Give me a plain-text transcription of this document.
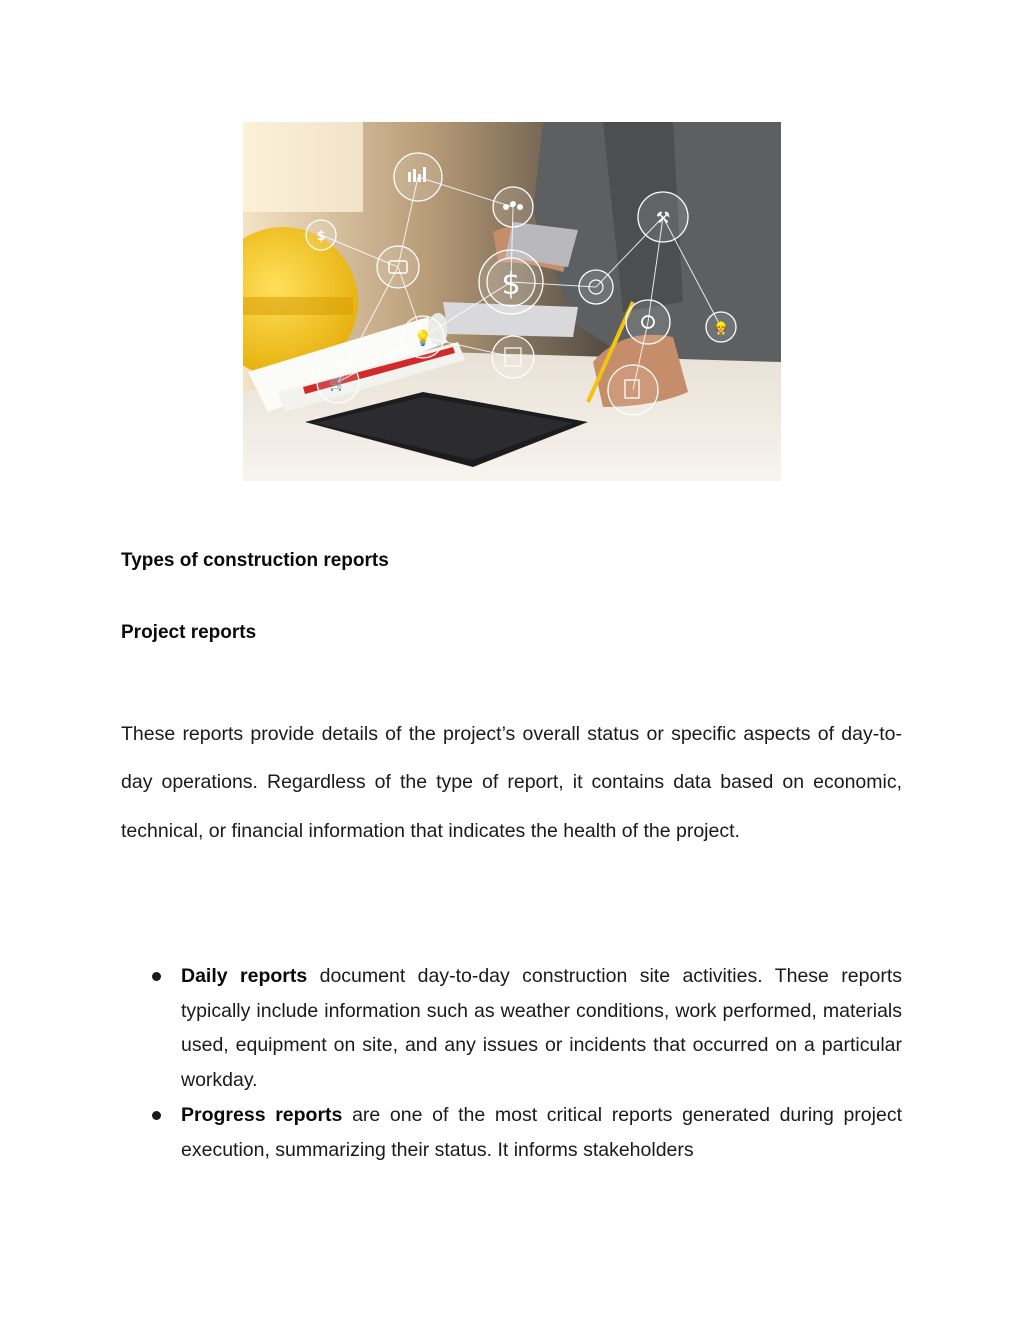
$
$
⚒
💡
🛒
👷
Types of construction reports
Project reports

These reports provide details of the project’s overall status or specific aspects of day-to-day operations. Regardless of the type of report, it contains data based on economic, technical, or financial information that indicates the health of the project.

Daily reports document day-to-day construction site activities. These reports typically include information such as weather conditions, work performed, materials used, equipment on site, and any issues or incidents that occurred on a particular workday.
Progress reports are one of the most critical reports generated during project execution, summarizing their status. It informs stakeholders
